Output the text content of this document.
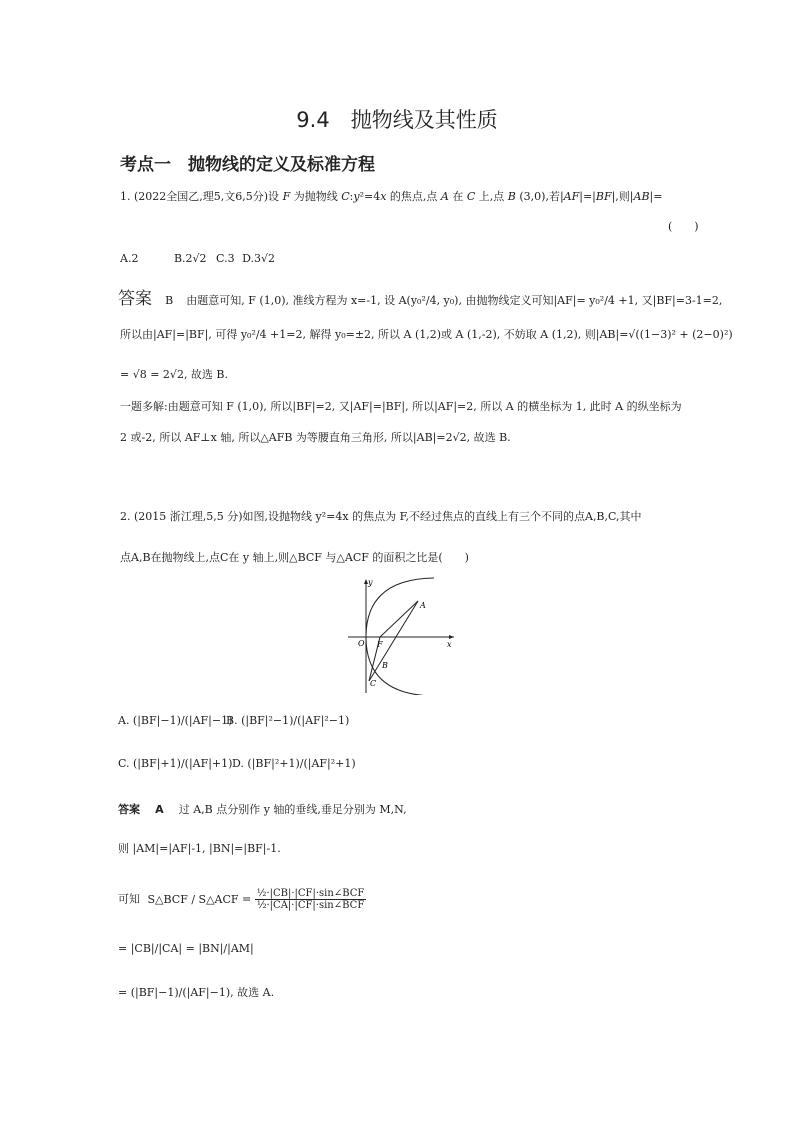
9.4　抛物线及其性质
考点一　抛物线的定义及标准方程
1. (2022全国乙,理5,文6,5分)设 F 为抛物线 C:y²=4x 的焦点,点 A 在 C 上,点 B (3,0),若|AF|=|BF|,则|AB|=
(　　)
A.2	B.2√2 C.3 D.3√2
答案 B 由题意可知, F (1,0), 准线方程为 x=-1, 设 A(y₀²/4, y₀), 由抛物线定义可知|AF|= y₀²/4 +1, 又|BF|=3-1=2,
所以由|AF|=|BF|, 可得 y₀²/4 +1=2, 解得 y₀=±2, 所以 A (1,2)或 A (1,-2), 不妨取 A (1,2), 则|AB|=√((1−3)² + (2−0)²)
= √8 = 2√2, 故选 B.
一题多解:由题意可知 F (1,0), 所以|BF|=2, 又|AF|=|BF|, 所以|AF|=2, 所以 A 的横坐标为 1, 此时 A 的纵坐标为
2 或-2, 所以 AF⊥x 轴, 所以△AFB 为等腰直角三角形, 所以|AB|=2√2, 故选 B.
2. (2015 浙江理,5,5 分)如图,设抛物线 y²=4x 的焦点为 F,不经过焦点的直线上有三个不同的点A,B,C,其中
点A,B在抛物线上,点C在 y 轴上,则△BCF 与△ACF 的面积之比是(　　)
y
x
O F
A
B
C
A. (|BF|−1)/(|AF|−1)
B. (|BF|²−1)/(|AF|²−1)
C. (|BF|+1)/(|AF|+1) D. (|BF|²+1)/(|AF|²+1)
答案 A 过 A,B 点分别作 y 轴的垂线,垂足分别为 M,N,
则 |AM|=|AF|-1, |BN|=|BF|-1.
可知 S△BCF / S△ACF = $\frac{\text{½·|CB|·|CF|·sin∠BCF}}{\text{½·|CA|·|CF|·sin∠BCF}}$
= |CB|/|CA| = |BN|/|AM|
= (|BF|−1)/(|AF|−1), 故选 A.
